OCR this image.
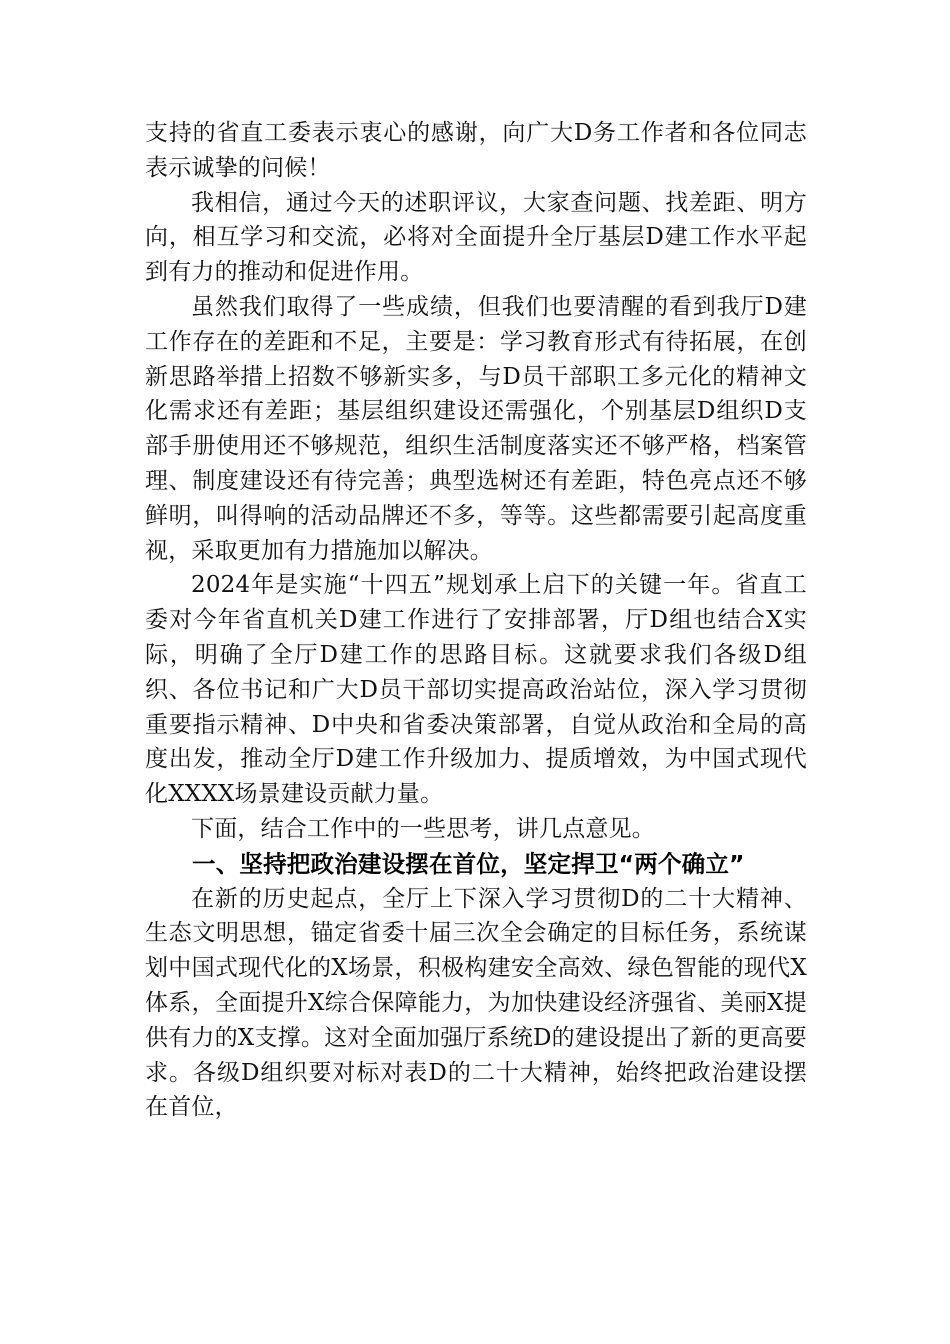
支持的省直工委表示衷心的感谢，向广大D务工作者和各位同志表示诚挚的问候！

我相信，通过今天的述职评议，大家查问题、找差距、明方向，相互学习和交流，必将对全面提升全厅基层D建工作水平起到有力的推动和促进作用。

虽然我们取得了一些成绩，但我们也要清醒的看到我厅D建工作存在的差距和不足，主要是：学习教育形式有待拓展，在创新思路举措上招数不够新实多，与D员干部职工多元化的精神文化需求还有差距；基层组织建设还需强化，个别基层D组织D支部手册使用还不够规范，组织生活制度落实还不够严格，档案管理、制度建设还有待完善；典型选树还有差距，特色亮点还不够鲜明，叫得响的活动品牌还不多，等等。这些都需要引起高度重视，采取更加有力措施加以解决。

2024年是实施“十四五”规划承上启下的关键一年。省直工委对今年省直机关D建工作进行了安排部署，厅D组也结合X实际，明确了全厅D建工作的思路目标。这就要求我们各级D组织、各位书记和广大D员干部切实提高政治站位，深入学习贯彻重要指示精神、D中央和省委决策部署，自觉从政治和全局的高度出发，推动全厅D建工作升级加力、提质增效，为中国式现代化XXXX场景建设贡献力量。

下面，结合工作中的一些思考，讲几点意见。

一、坚持把政治建设摆在首位，坚定捍卫“两个确立”

在新的历史起点，全厅上下深入学习贯彻D的二十大精神、生态文明思想，锚定省委十届三次全会确定的目标任务，系统谋划中国式现代化的X场景，积极构建安全高效、绿色智能的现代X体系，全面提升X综合保障能力，为加快建设经济强省、美丽X提供有力的X支撑。这对全面加强厅系统D的建设提出了新的更高要求。各级D组织要对标对表D的二十大精神，始终把政治建设摆在首位，
